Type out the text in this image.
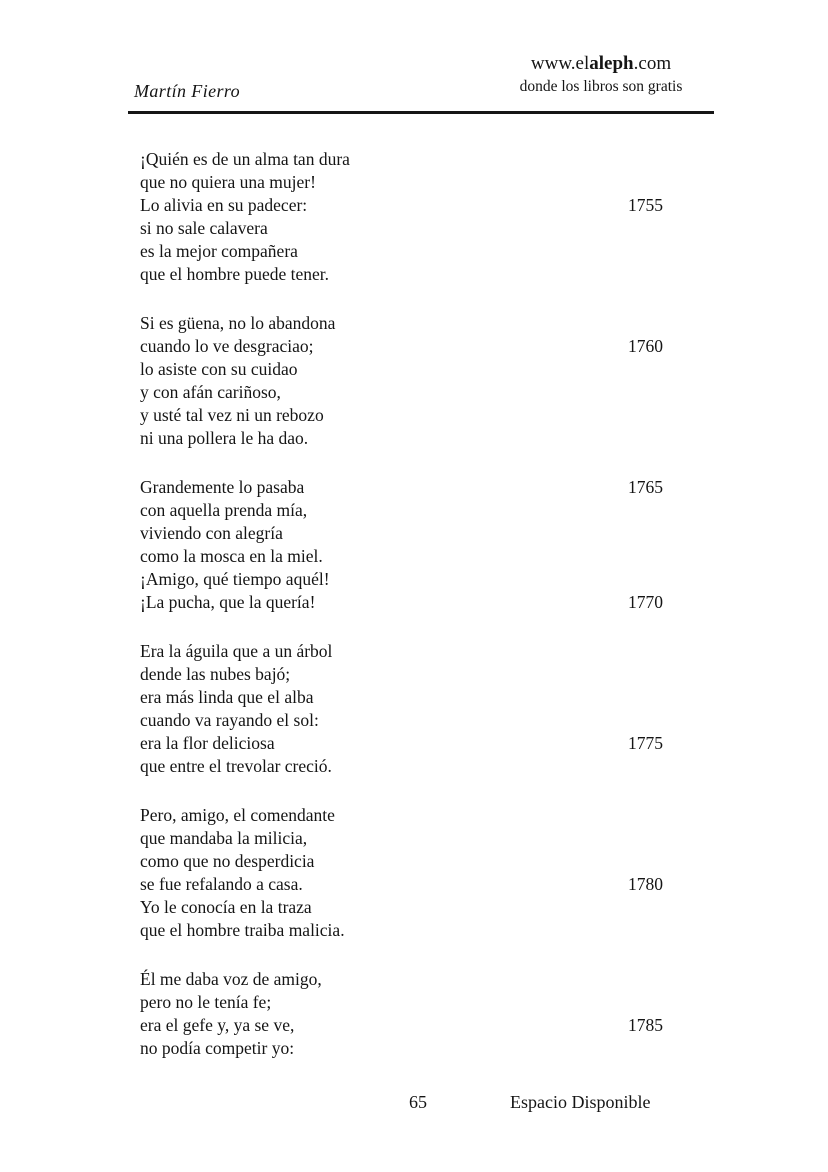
Martín Fierro
www.elaleph.com
donde los libros son gratis
¡Quién es de un alma tan dura
que no quiera una mujer!
Lo alivia en su padecer:	1755
si no sale calavera
es la mejor compañera
que el hombre puede tener.
Si es güena, no lo abandona
cuando lo ve desgraciao;	1760
lo asiste con su cuidao
y con afán cariñoso,
y usté tal vez ni un rebozo
ni una pollera le ha dao.
Grandemente lo pasaba	1765
con aquella prenda mía,
viviendo con alegría
como la mosca en la miel.
¡Amigo, qué tiempo aquél!
¡La pucha, que la quería!	1770
Era la águila que a un árbol
dende las nubes bajó;
era más linda que el alba
cuando va rayando el sol:
era la flor deliciosa	1775
que entre el trevolar creció.
Pero, amigo, el comendante
que mandaba la milicia,
como que no desperdicia
se fue refalando a casa.	1780
Yo le conocía en la traza
que el hombre traiba malicia.
Él me daba voz de amigo,
pero no le tenía fe;
era el gefe y, ya se ve,	1785
no podía competir yo:
65	Espacio Disponible
